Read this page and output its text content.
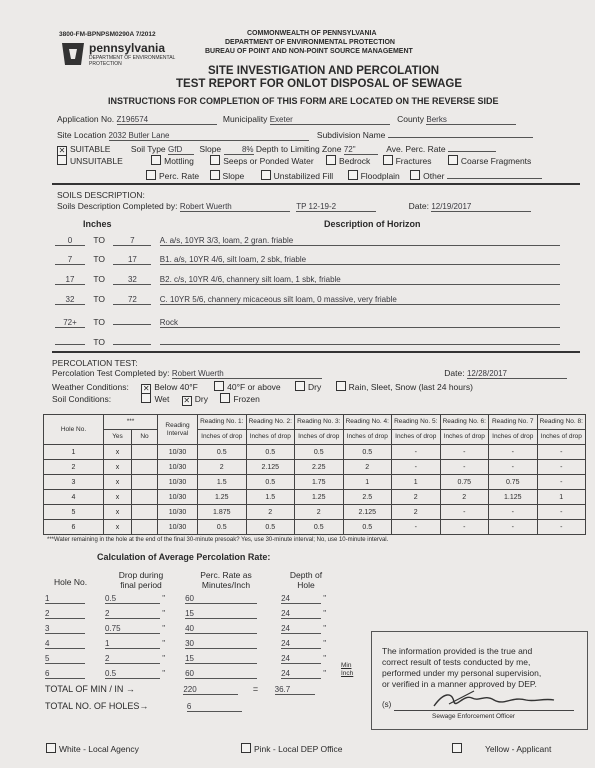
3800-FM-BPNPSM0290A 7/2012
pennsylvania
DEPARTMENT OF ENVIRONMENTAL
PROTECTION
COMMONWEALTH OF PENNSYLVANIA
DEPARTMENT OF ENVIRONMENTAL PROTECTION
BUREAU OF POINT AND NON-POINT SOURCE MANAGEMENT
SITE INVESTIGATION AND PERCOLATION
TEST REPORT FOR ONLOT DISPOSAL OF SEWAGE
INSTRUCTIONS FOR COMPLETION OF THIS FORM ARE LOCATED ON THE REVERSE SIDE
Application No. Z196574	Municipality Exeter	County Berks
Site Location 2032 Butler Lane	Subdivision Name
✕ SUITABLE Soil Type GfD Slope	8% Depth to Limiting Zone 72"	Ave. Perc. Rate
UNSUITABLE	Mottling	Seeps or Ponded Water	Bedrock	Fractures	Coarse Fragments
Perc. Rate	Slope	Unstabilized Fill	Floodplain	Other
SOILS DESCRIPTION:
Soils Description Completed by: Robert Wuerth	TP 12-19-2	Date: 12/19/2017
Inches	Description of Horizon
0 TO	7	A. a/s, 10YR 3/3, loam, 2 gran. friable
7 TO	17	B1. a/s, 10YR 4/6, silt loam, 2 sbk, friable
17 TO	32	B2. c/s, 10YR 4/6, channery silt loam, 1 sbk, friable
32 TO	72	C. 10YR 5/6, channery micaceous silt loam, 0 massive, very friable
72+ TO	Rock
TO
PERCOLATION TEST:
Percolation Test Completed by: Robert Wuerth	Date: 12/28/2017
Weather Conditions: ✕ Below 40°F	40°F or above	Dry	Rain, Sleet, Snow (last 24 hours)
Soil Conditions:	Wet ✕ Dry	Frozen
Hole No.	***		Reading Interval	Reading No. 1:	Reading No. 2:	Reading No. 3:	Reading No. 4:	Reading No. 5:	Reading No. 6:	Reading No. 7	Reading No. 8:
	Yes	No		Inches of drop	Inches of drop	Inches of drop	Inches of drop	Inches of drop	Inches of drop	Inches of drop	Inches of drop
1	x		10/30	0.5	0.5	0.5	0.5	-	-	-	-
2	x		10/30	2	2.125	2.25	2	-	-	-	-
3	x		10/30	1.5	0.5	1.75	1	1	0.75	0.75	-
4	x		10/30	1.25	1.5	1.25	2.5	2	2	1.125	1
5	x		10/30	1.875	2	2	2.125	2	-	-	-
6	x		10/30	0.5	0.5	0.5	0.5	-	-	-	-
***Water remaining in the hole at the end of the final 30-minute presoak? Yes, use 30-minute interval; No, use 10-minute interval.
Calculation of Average Percolation Rate:
Hole No.
Drop during final period
Perc. Rate as Minutes/Inch
Depth of Hole
1	0.5	"	60	24	"
2	2	"	15	24	"
3	0.75	"	40	24	"
4	1	"	30	24	"
5	2	"	15	24	"
6	0.5	"	60	24	"
Min Inch
TOTAL OF MIN / IN →	220	= 36.7
TOTAL NO. OF HOLES→	6
The information provided is the true and
correct result of tests conducted by me,
performed under my personal supervision,
or verified in a manner approved by DEP.
(s)
Sewage Enforcement Officer
White - Local Agency	Pink - Local DEP Office	Yellow - Applicant
